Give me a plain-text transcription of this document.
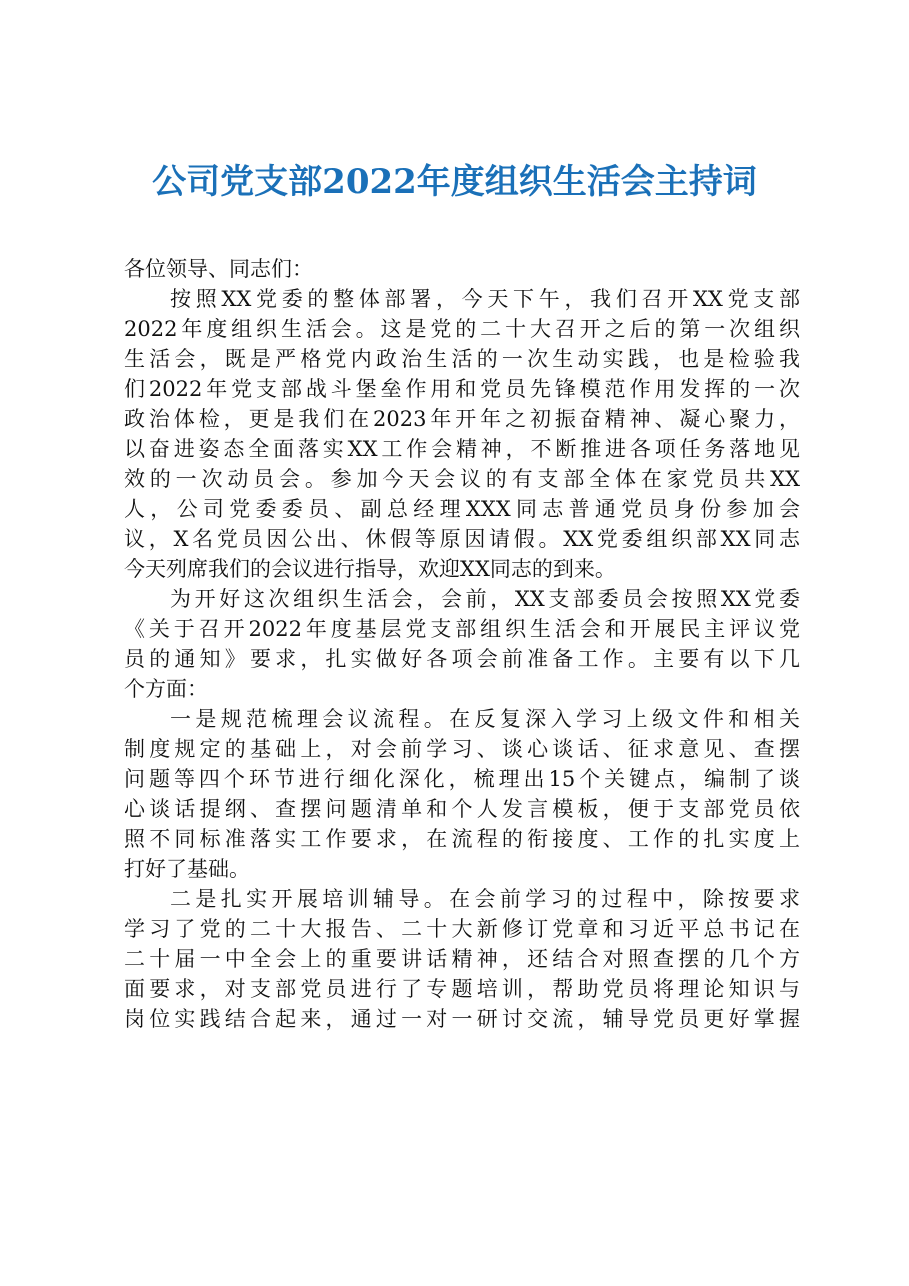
公司党支部2022年度组织生活会主持词
各位领导、同志们：
按照XX党委的整体部署，今天下午，我们召开XX党支部
2022年度组织生活会。这是党的二十大召开之后的第一次组织
生活会，既是严格党内政治生活的一次生动实践，也是检验我
们2022年党支部战斗堡垒作用和党员先锋模范作用发挥的一次
政治体检，更是我们在2023年开年之初振奋精神、凝心聚力，
以奋进姿态全面落实XX工作会精神，不断推进各项任务落地见
效的一次动员会。参加今天会议的有支部全体在家党员共XX
人，公司党委委员、副总经理XXX同志普通党员身份参加会
议，X名党员因公出、休假等原因请假。XX党委组织部XX同志
今天列席我们的会议进行指导，欢迎XX同志的到来。
为开好这次组织生活会，会前，XX支部委员会按照XX党委
《关于召开2022年度基层党支部组织生活会和开展民主评议党
员的通知》要求，扎实做好各项会前准备工作。主要有以下几
个方面：
一是规范梳理会议流程。在反复深入学习上级文件和相关
制度规定的基础上，对会前学习、谈心谈话、征求意见、查摆
问题等四个环节进行细化深化，梳理出15个关键点，编制了谈
心谈话提纲、查摆问题清单和个人发言模板，便于支部党员依
照不同标准落实工作要求，在流程的衔接度、工作的扎实度上
打好了基础。
二是扎实开展培训辅导。在会前学习的过程中，除按要求
学习了党的二十大报告、二十大新修订党章和习近平总书记在
二十届一中全会上的重要讲话精神，还结合对照查摆的几个方
面要求，对支部党员进行了专题培训，帮助党员将理论知识与
岗位实践结合起来，通过一对一研讨交流，辅导党员更好掌握
